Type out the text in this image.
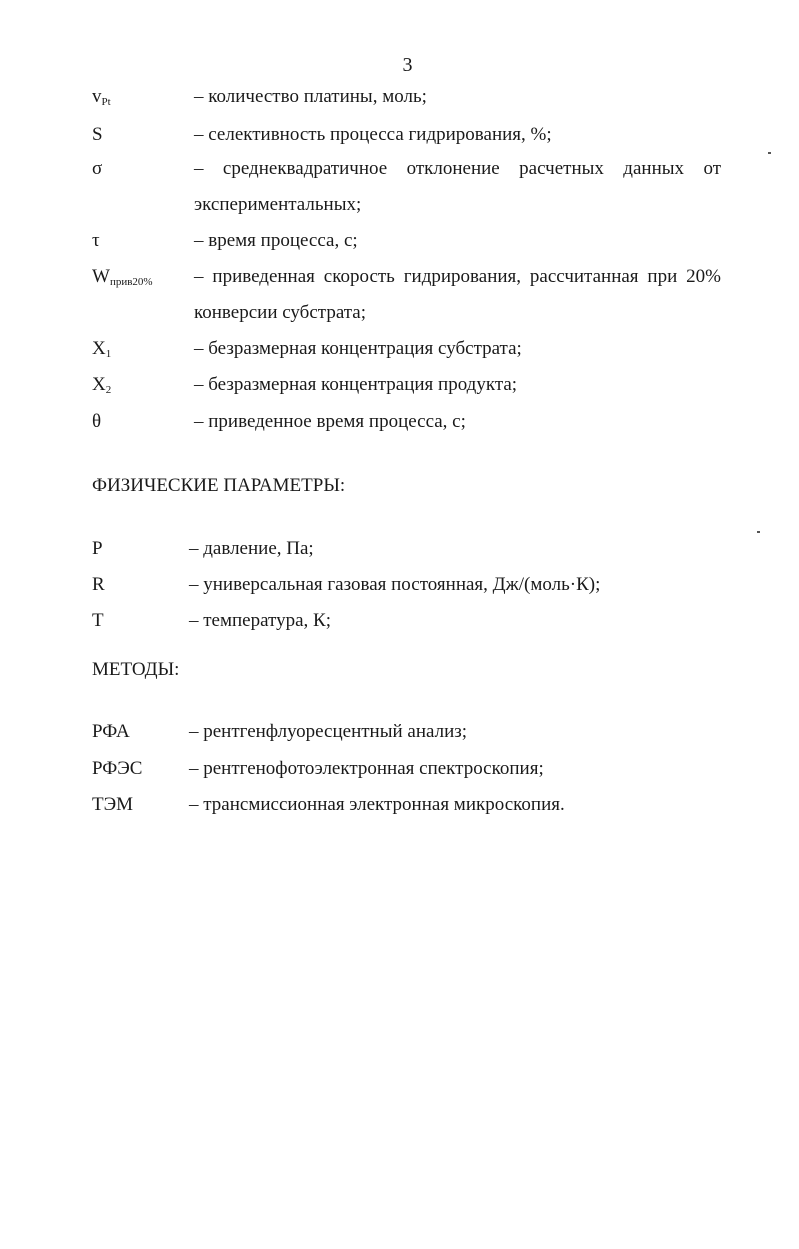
3
$v_{Pt}$	– количество платины, моль;
S	– селективность процесса гидрирования, %;
σ	– среднеквадратичное отклонение расчетных данных от
экспериментальных;
τ	– время процесса, с;
$W_{прив20\%}$ – приведенная скорость гидрирования, рассчитанная при 20%
конверсии субстрата;
$X_1$	– безразмерная концентрация субстрата;
$X_2$	– безразмерная концентрация продукта;
θ	– приведенное время процесса, с;
ФИЗИЧЕСКИЕ ПАРАМЕТРЫ:
P	– давление, Па;
R	– универсальная газовая постоянная, Дж/(моль·К);
T	– температура, К;
МЕТОДЫ:
РФА	– рентгенфлуоресцентный анализ;
РФЭС – рентгенофотоэлектронная спектроскопия;
ТЭМ	– трансмиссионная электронная микроскопия.
